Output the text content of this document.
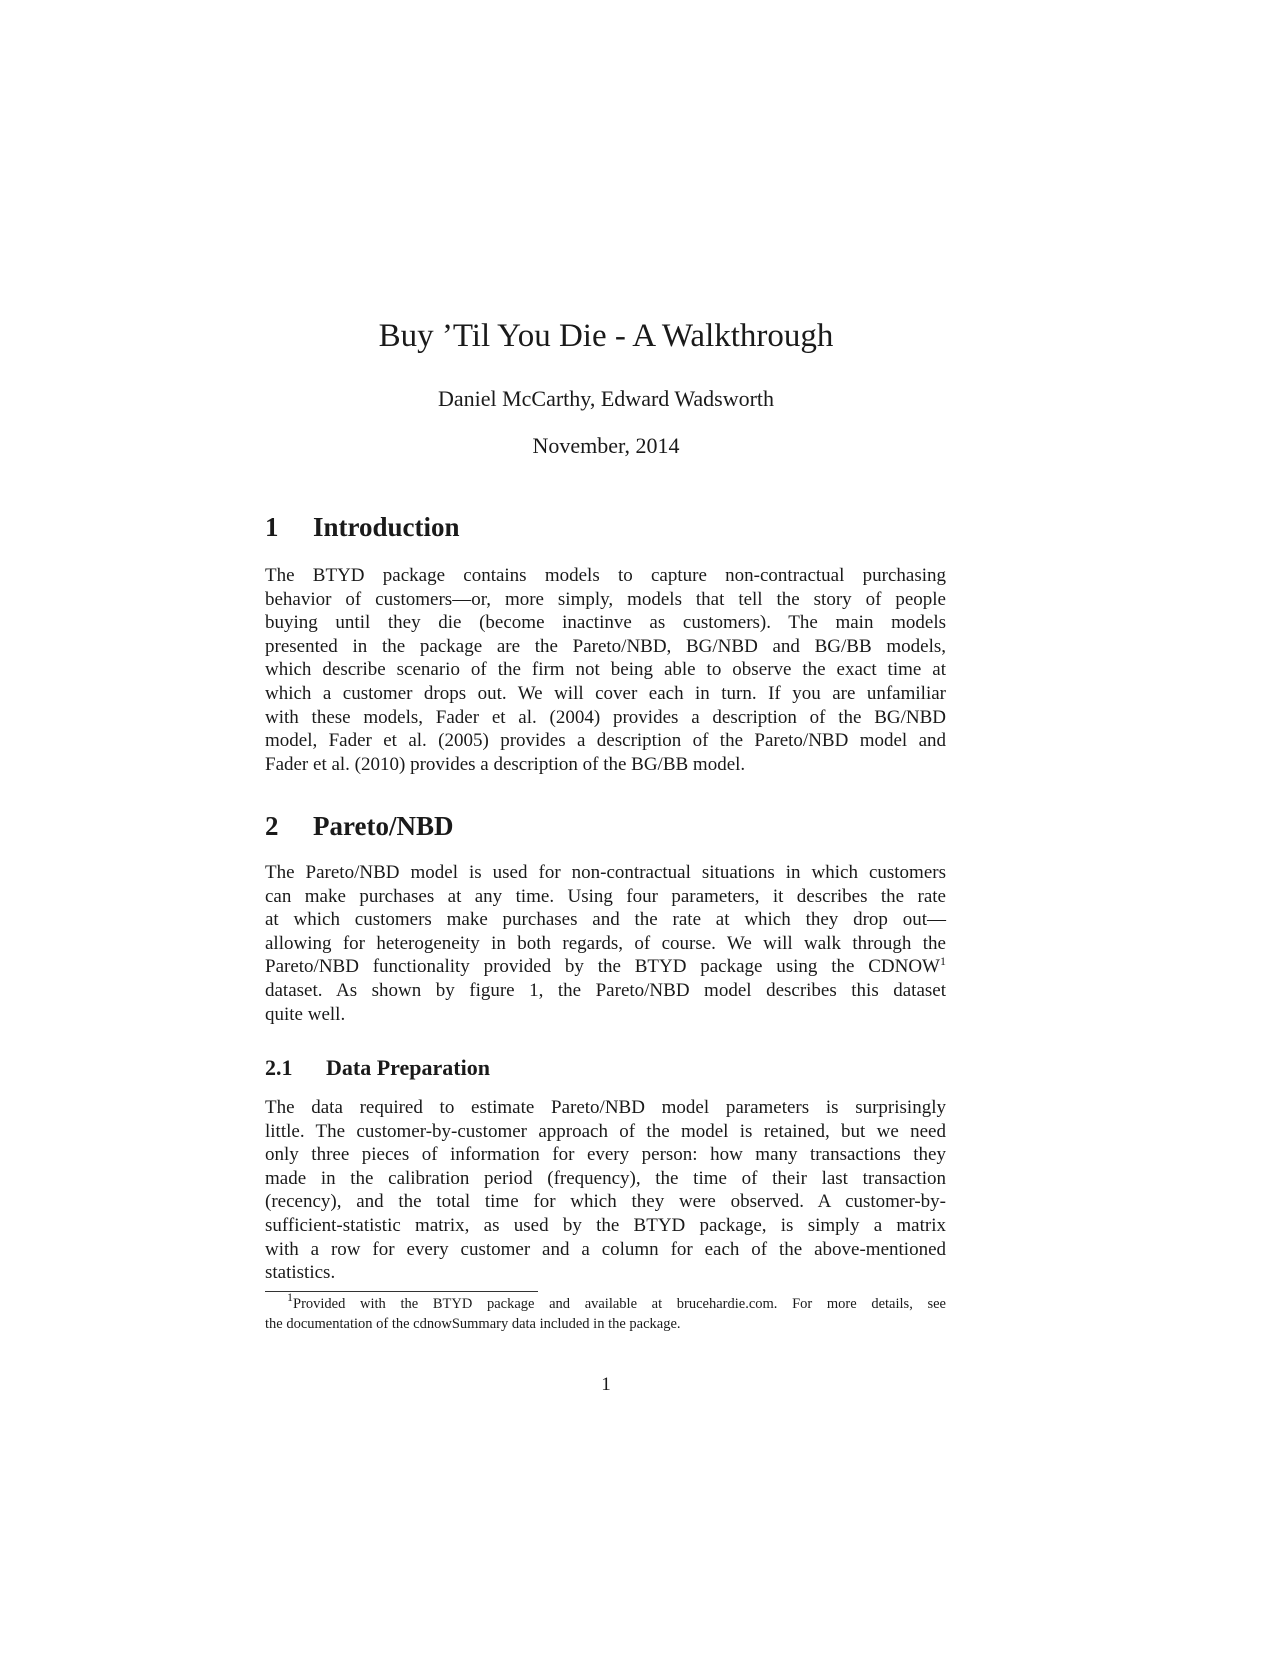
Buy ’Til You Die - A Walkthrough
Daniel McCarthy, Edward Wadsworth
November, 2014
1 Introduction
The BTYD package contains models to capture non-contractual purchasing
behavior of customers—or, more simply, models that tell the story of people
buying until they die (become inactinve as customers). The main models
presented in the package are the Pareto/NBD, BG/NBD and BG/BB models,
which describe scenario of the firm not being able to observe the exact time at
which a customer drops out. We will cover each in turn. If you are unfamiliar
with these models, Fader et al. (2004) provides a description of the BG/NBD
model, Fader et al. (2005) provides a description of the Pareto/NBD model and
Fader et al. (2010) provides a description of the BG/BB model.
2 Pareto/NBD
The Pareto/NBD model is used for non-contractual situations in which customers
can make purchases at any time. Using four parameters, it describes the rate
at which customers make purchases and the rate at which they drop out—
allowing for heterogeneity in both regards, of course. We will walk through the
Pareto/NBD functionality provided by the BTYD package using the CDNOW$^1$
dataset. As shown by figure 1, the Pareto/NBD model describes this dataset
quite well.
2.1 Data Preparation
The data required to estimate Pareto/NBD model parameters is surprisingly
little. The customer-by-customer approach of the model is retained, but we need
only three pieces of information for every person: how many transactions they
made in the calibration period (frequency), the time of their last transaction
(recency), and the total time for which they were observed. A customer-by-
sufficient-statistic matrix, as used by the BTYD package, is simply a matrix
with a row for every customer and a column for each of the above-mentioned
statistics.
$^1$Provided with the BTYD package and available at brucehardie.com. For more details, see
the documentation of the cdnowSummary data included in the package.
1
